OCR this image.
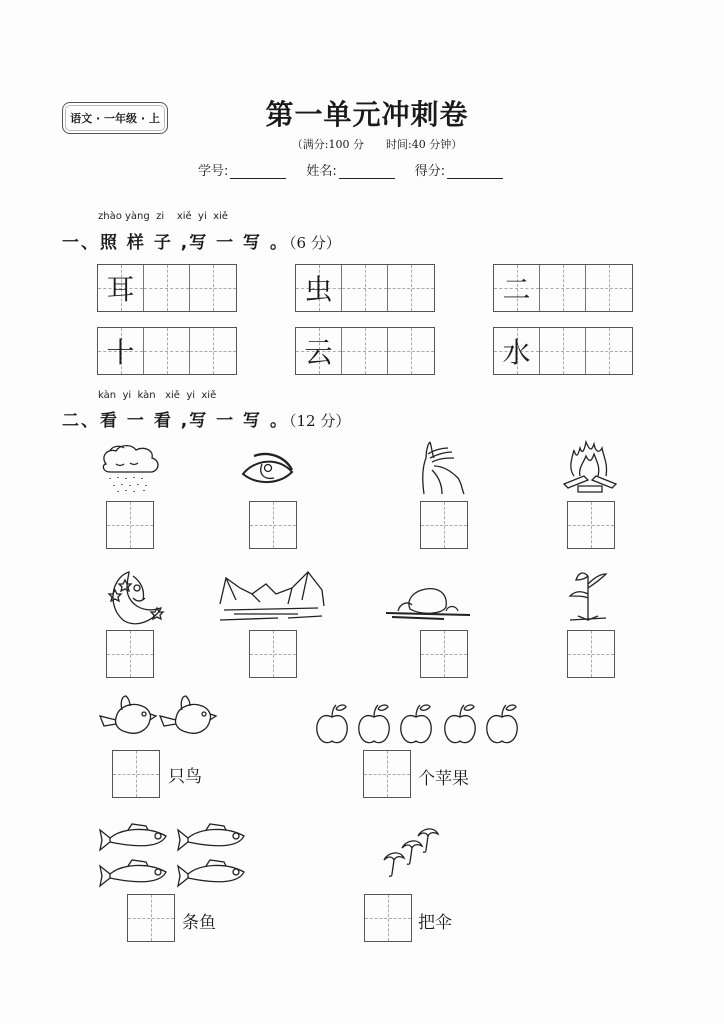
语文 · 一年级 · 上	第一单元冲刺卷
（满分:100 分　　时间:40 分钟）
学号:	姓名:	得分:
zhào yàng  zi    xiě  yi  xiě
一、照 样 子 ,写 一 写 。（6 分）
耳	虫	二
十	云	水
kàn  yi  kàn   xiě  yi  xiě
二、看 一 看 ,写 一 写 。（12 分）
只鸟	个苹果
条鱼	把伞
